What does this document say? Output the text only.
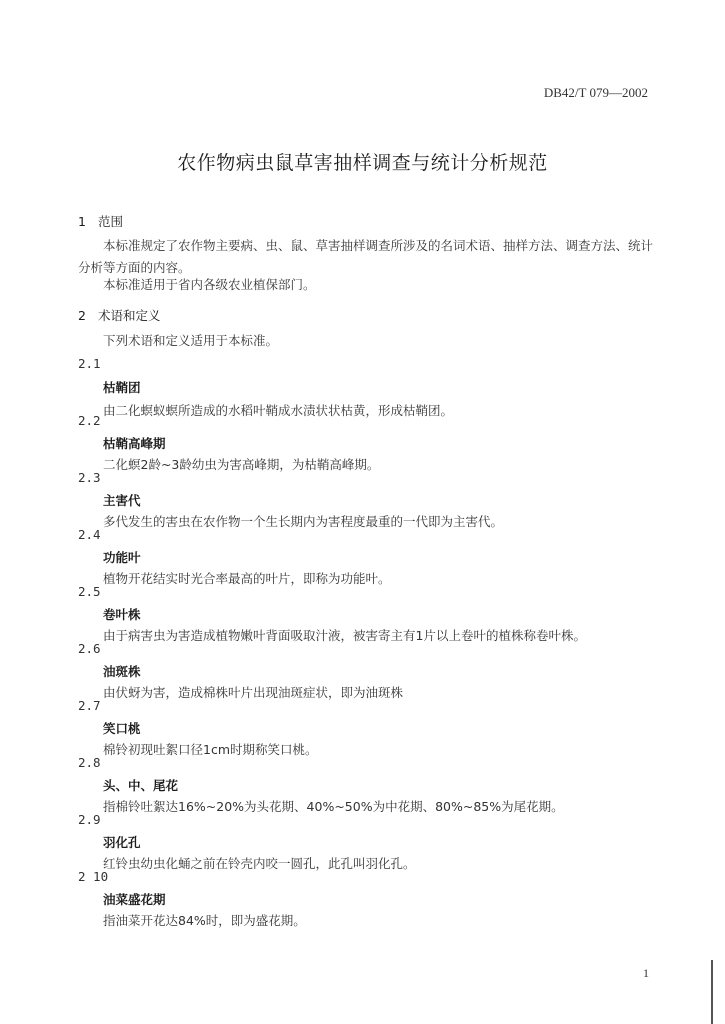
DB42/T 079—2002
农作物病虫鼠草害抽样调查与统计分析规范
1 范围
本标准规定了农作物主要病、虫、鼠、草害抽样调查所涉及的名词术语、抽样方法、调查方法、统计分析等方面的内容。
本标准适用于省内各级农业植保部门。
2 术语和定义
下列术语和定义适用于本标准。
2.1
枯鞘团
由二化螟蚁螟所造成的水稻叶鞘成水渍状状枯黄，形成枯鞘团。
2.2
枯鞘高峰期
二化螟2龄~3龄幼虫为害高峰期，为枯鞘高峰期。
2.3
主害代
多代发生的害虫在农作物一个生长期内为害程度最重的一代即为主害代。
2.4
功能叶
植物开花结实时光合率最高的叶片，即称为功能叶。
2.5
卷叶株
由于病害虫为害造成植物嫩叶背面吸取汁液，被害寄主有1片以上卷叶的植株称卷叶株。
2.6
油斑株
由伏蚜为害，造成棉株叶片出现油斑症状，即为油斑株
2.7
笑口桃
棉铃初现吐絮口径1cm时期称笑口桃。
2.8
头、中、尾花
指棉铃吐絮达16%~20%为头花期、40%~50%为中花期、80%~85%为尾花期。
2.9
羽化孔
红铃虫幼虫化蛹之前在铃壳内咬一圆孔，此孔叫羽化孔。
2 10
油菜盛花期
指油菜开花达84%时，即为盛花期。
1
